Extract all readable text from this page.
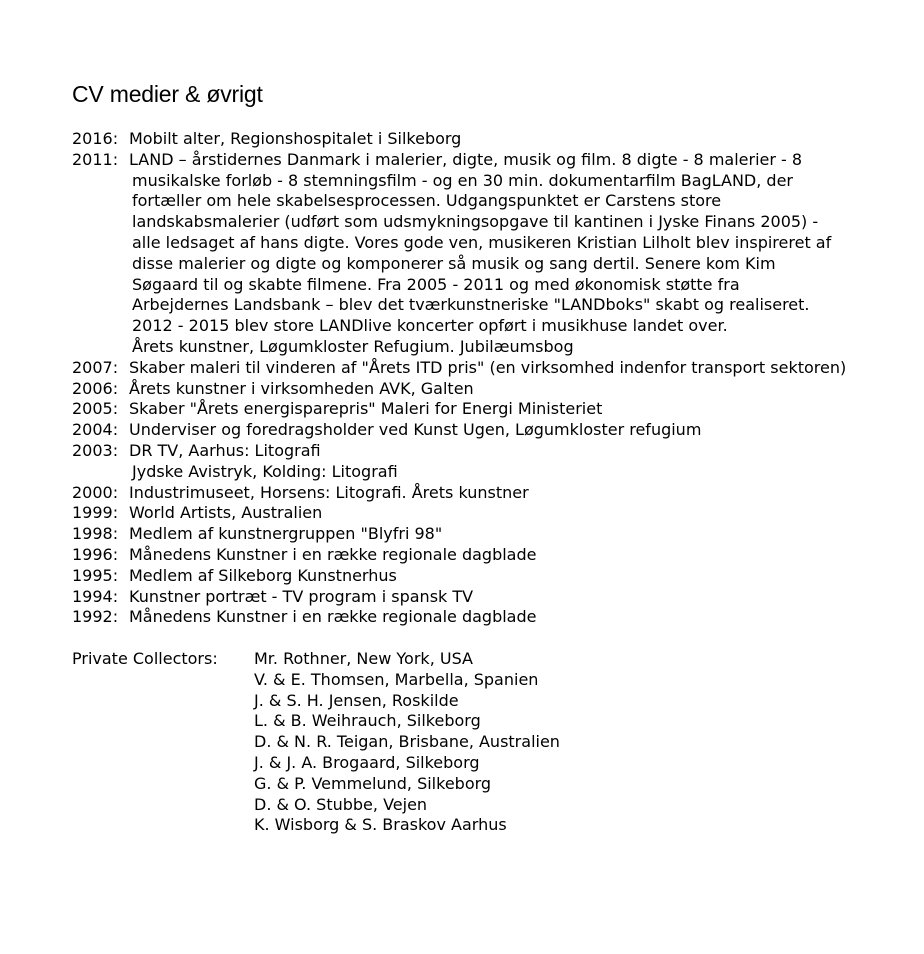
CV medier & øvrigt
2016: Mobilt alter, Regionshospitalet i Silkeborg
2011: LAND – årstidernes Danmark i malerier, digte, musik og film. 8 digte - 8 malerier - 8
musikalske forløb - 8 stemningsfilm - og en 30 min. dokumentarfilm BagLAND, der
fortæller om hele skabelsesprocessen. Udgangspunktet er Carstens store
landskabsmalerier (udført som udsmykningsopgave til kantinen i Jyske Finans 2005) -
alle ledsaget af hans digte. Vores gode ven, musikeren Kristian Lilholt blev inspireret af
disse malerier og digte og komponerer så musik og sang dertil. Senere kom Kim
Søgaard til og skabte filmene. Fra 2005 - 2011 og med økonomisk støtte fra
Arbejdernes Landsbank – blev det tværkunstneriske "LANDboks" skabt og realiseret.
2012 - 2015 blev store LANDlive koncerter opført i musikhuse landet over.
Årets kunstner, Løgumkloster Refugium. Jubilæumsbog
2007: Skaber maleri til vinderen af "Årets ITD pris" (en virksomhed indenfor transport sektoren)
2006: Årets kunstner i virksomheden AVK, Galten
2005: Skaber "Årets energisparepris" Maleri for Energi Ministeriet
2004: Underviser og foredragsholder ved Kunst Ugen, Løgumkloster refugium
2003: DR TV, Aarhus: Litografi
Jydske Avistryk, Kolding: Litografi
2000: Industrimuseet, Horsens: Litografi. Årets kunstner
1999: World Artists, Australien
1998: Medlem af kunstnergruppen "Blyfri 98"
1996: Månedens Kunstner i en række regionale dagblade
1995: Medlem af Silkeborg Kunstnerhus
1994: Kunstner portræt - TV program i spansk TV
1992: Månedens Kunstner i en række regionale dagblade
Private Collectors:	Mr. Rothner, New York, USA
V. & E. Thomsen, Marbella, Spanien
J. & S. H. Jensen, Roskilde
L. & B. Weihrauch, Silkeborg
D. & N. R. Teigan, Brisbane, Australien
J. & J. A. Brogaard, Silkeborg
G. & P. Vemmelund, Silkeborg
D. & O. Stubbe, Vejen
K. Wisborg & S. Braskov Aarhus
